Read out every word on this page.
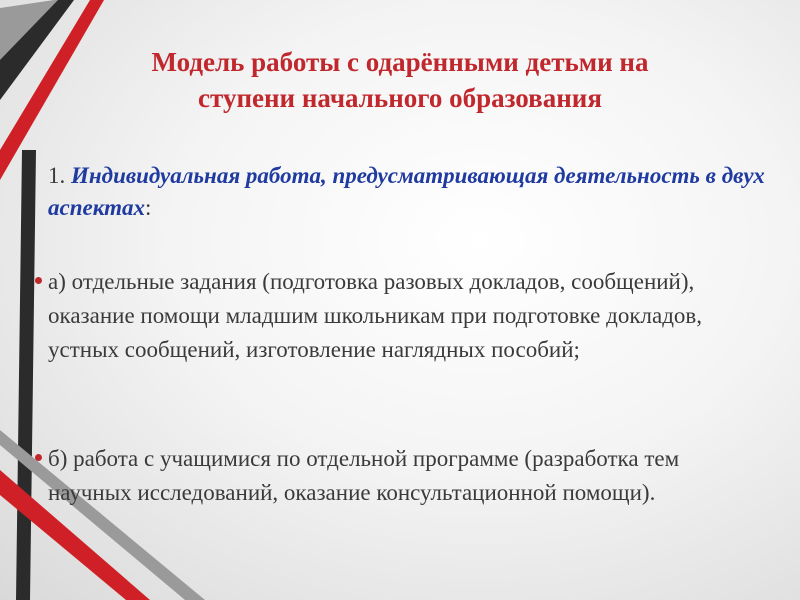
Модель работы с одарёнными детьми на
ступени начального образования
1. Индивидуальная работа, предусматривающая деятельность в двух аспектах:
а) отдельные задания (подготовка разовых докладов, сообщений), оказание помощи младшим школьникам при подготовке докладов, устных сообщений, изготовление наглядных пособий;
б) работа с учащимися по отдельной программе (разработка тем научных исследований, оказание консультационной помощи).
